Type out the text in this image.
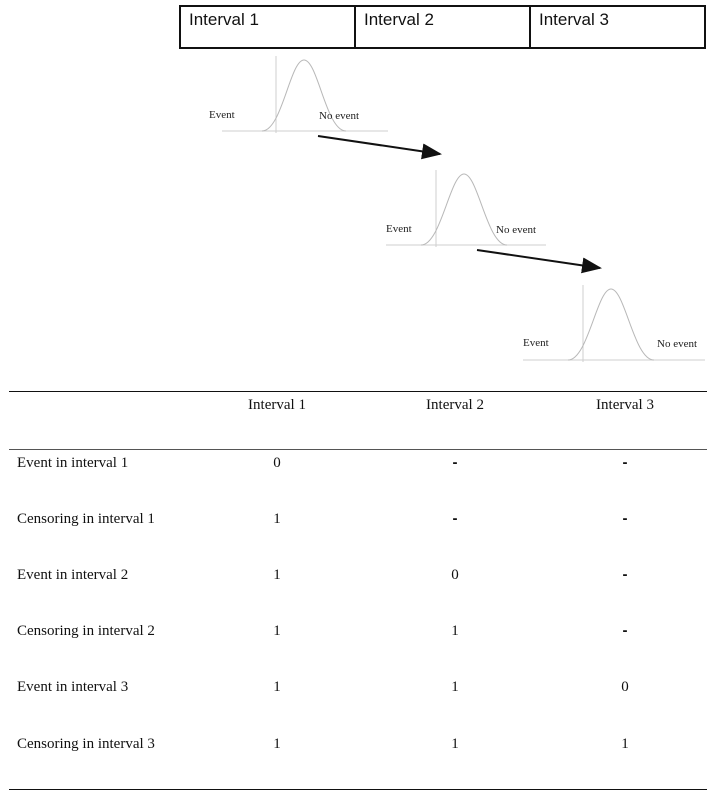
Interval 1	Interval 2	Interval 3
Event	No event
Event	No event
Event	No event
Interval 1	Interval 2	Interval 3
Event in interval 1	0	-	-
Censoring in interval 1	1	-	-
Event in interval 2	1	0	-
Censoring in interval 2	1	1	-
Event in interval 3	1	1	0
Censoring in interval 3	1	1	1
